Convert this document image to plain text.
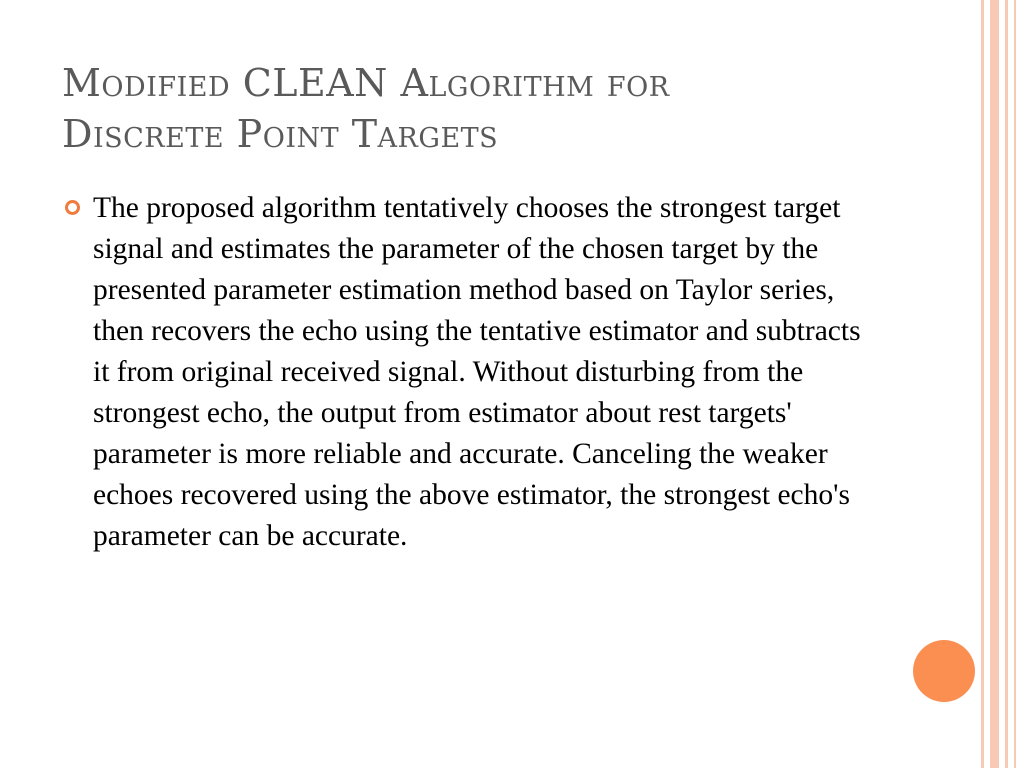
Modified CLEAN Algorithm for
Discrete Point Targets
The proposed algorithm tentatively chooses the strongest target signal and estimates the parameter of the chosen target by the presented parameter estimation method based on Taylor series, then recovers the echo using the tentative estimator and subtracts it from original received signal. Without disturbing from the strongest echo, the output from estimator about rest targets' parameter is more reliable and accurate. Canceling the weaker echoes recovered using the above estimator, the strongest echo's parameter can be accurate.
